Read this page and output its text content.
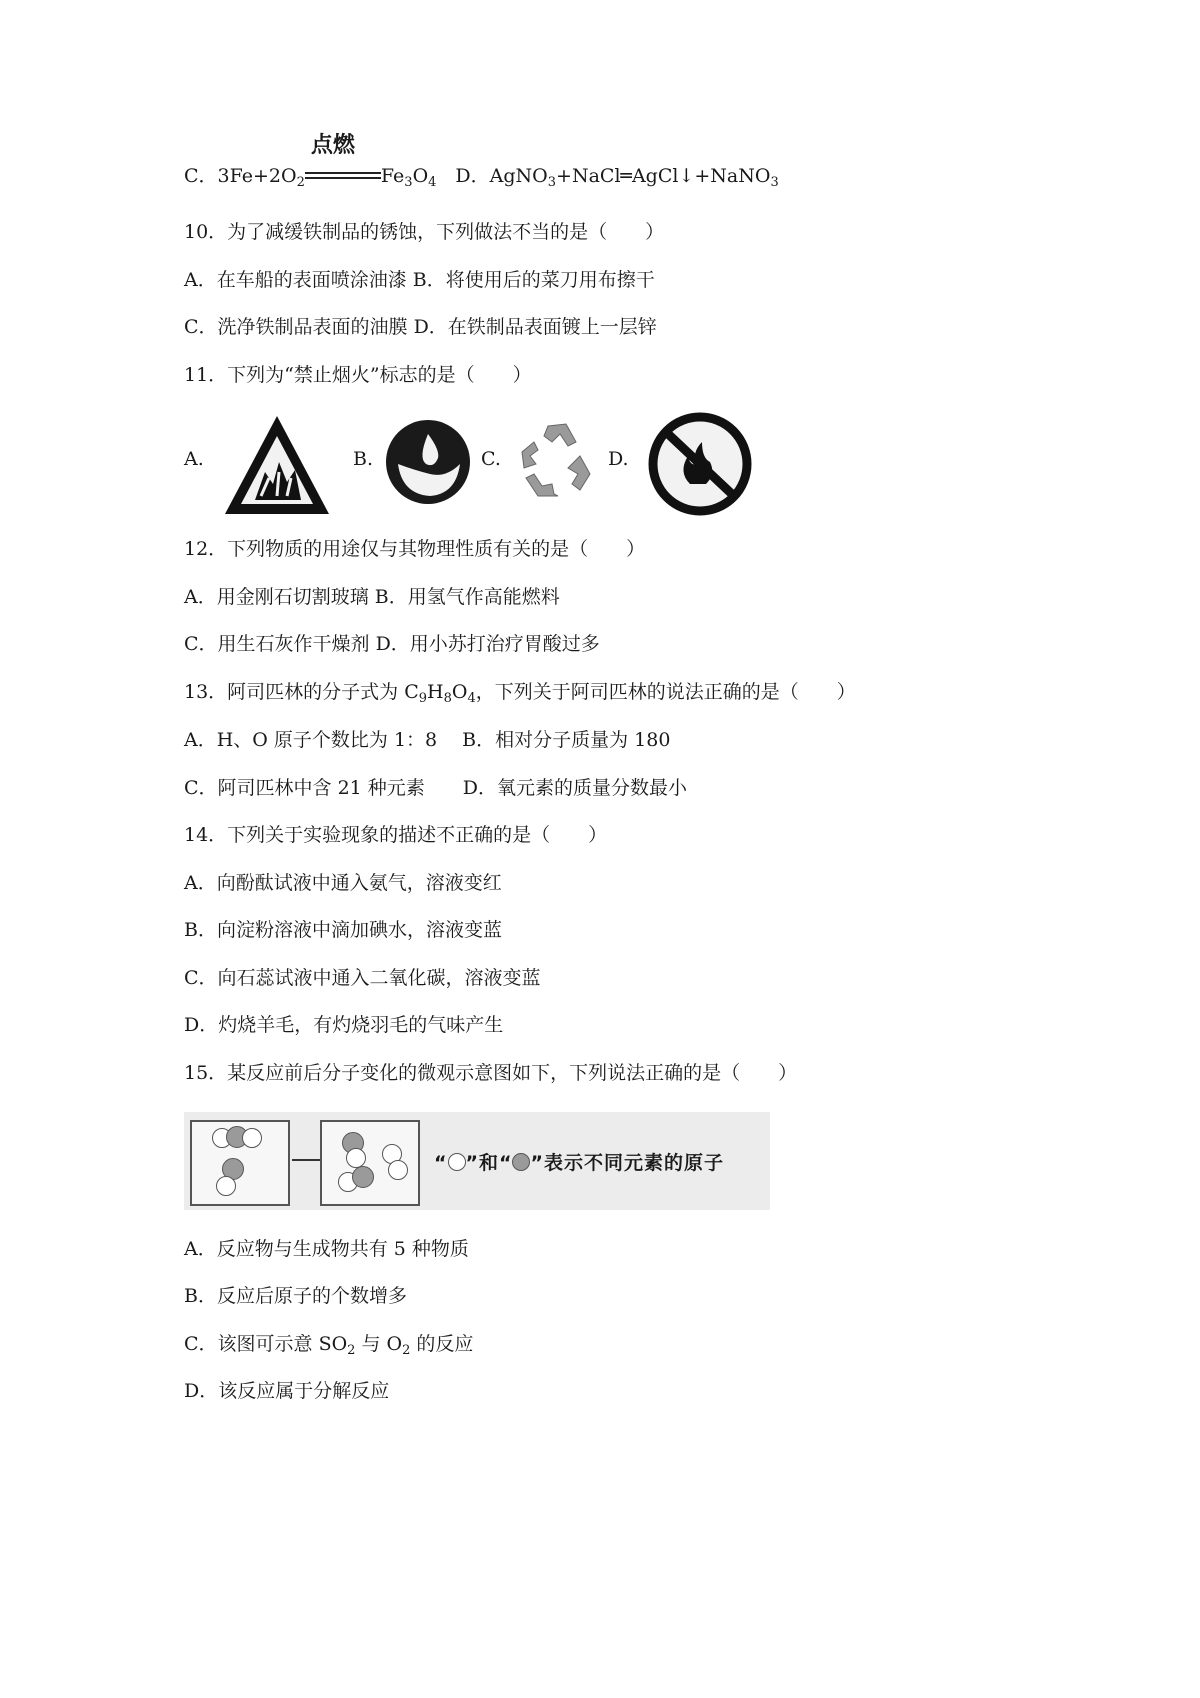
C．$3Fe+2O_2$
点燃
$Fe_3O_4$  D．AgNO$_3$+NaCl═AgCl↓+NaNO$_3$
10．为了减缓铁制品的锈蚀，下列做法不当的是（　　）
A．在车船的表面喷涂油漆 B．将使用后的菜刀用布擦干
C．洗净铁制品表面的油膜 D．在铁制品表面镀上一层锌
11．下列为“禁止烟火”标志的是（　　）
A.	B.	C.	D.
12．下列物质的用途仅与其物理性质有关的是（　　）
A．用金刚石切割玻璃 B．用氢气作高能燃料
C．用生石灰作干燥剂 D．用小苏打治疗胃酸过多
13．阿司匹林的分子式为 $C_9H_8O_4$，下列关于阿司匹林的说法正确的是（　　）
A．H、O 原子个数比为 1：8　 B．相对分子质量为 180
C．阿司匹林中含 21 种元素　　D．氧元素的质量分数最小
14．下列关于实验现象的描述不正确的是（　　）
A．向酚酞试液中通入氨气，溶液变红
B．向淀粉溶液中滴加碘水，溶液变蓝
C．向石蕊试液中通入二氧化碳，溶液变蓝
D．灼烧羊毛，有灼烧羽毛的气味产生
15．某反应前后分子变化的微观示意图如下，下列说法正确的是（　　）
“ ”和“ ”表示不同元素的原子
A．反应物与生成物共有 5 种物质
B．反应后原子的个数增多
C．该图可示意 $SO_2$ 与 $O_2$ 的反应
D．该反应属于分解反应
